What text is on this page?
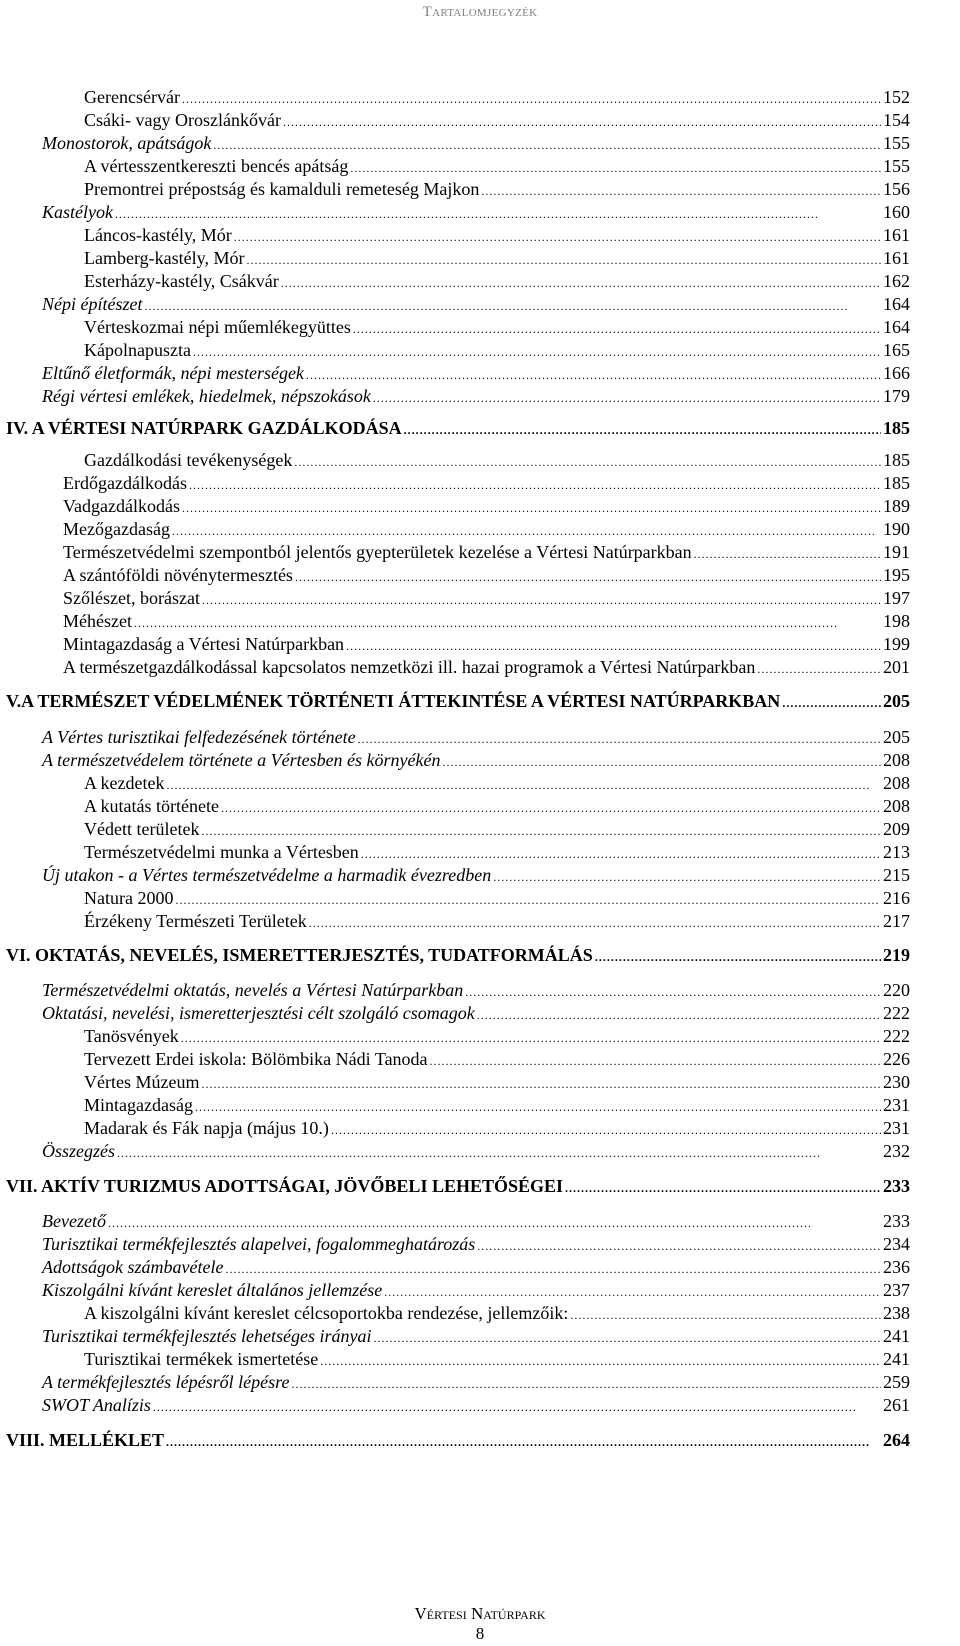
Tartalomjegyzék
Gerencsérvár . . .	152
Csáki- vagy Oroszlánkővár . . .	154
Monostorok, apátságok . . .	155
A vértesszentkereszti bencés apátság . . .	155
Premontrei prépostság és kamalduli remeteség Majkon . . .	156
Kastélyok . . .	160
Láncos-kastély, Mór . . .	161
Lamberg-kastély, Mór . . .	161
Esterházy-kastély, Csákvár . . .	162
Népi építészet . . .	164
Vérteskozmai népi műemlékegyüttes . . .	164
Kápolnapuszta . . .	165
Eltűnő életformák, népi mesterségek . . .	166
Régi vértesi emlékek, hiedelmek, népszokások . . .	179
IV. A VÉRTESI NATÚRPARK GAZDÁLKODÁSA . . .	185
Gazdálkodási tevékenységek . . .	185
Erdőgazdálkodás . . .	185
Vadgazdálkodás . . .	189
Mezőgazdaság . . .	190
Természetvédelmi szempontból jelentős gyepterületek kezelése a Vértesi Natúrparkban . . .	191
A szántóföldi növénytermesztés . . .	195
Szőlészet, borászat . . .	197
Méhészet . . .	198
Mintagazdaság a Vértesi Natúrparkban . . .	199
A természetgazdálkodással kapcsolatos nemzetközi ill. hazai programok a Vértesi Natúrparkban . . .	201
V.A TERMÉSZET VÉDELMÉNEK TÖRTÉNETI ÁTTEKINTÉSE A VÉRTESI NATÚRPARKBAN . . .	205
A Vértes turisztikai felfedezésének története . . .	205
A természetvédelem története a Vértesben és környékén . . .	208
A kezdetek . . .	208
A kutatás története . . .	208
Védett területek . . .	209
Természetvédelmi munka a Vértesben . . .	213
Új utakon - a Vértes természetvédelme a harmadik évezredben . . .	215
Natura 2000 . . .	216
Érzékeny Természeti Területek . . .	217
VI. OKTATÁS, NEVELÉS, ISMERETTERJESZTÉS, TUDATFORMÁLÁS . . .	219
Természetvédelmi oktatás, nevelés a Vértesi Natúrparkban . . .	220
Oktatási, nevelési, ismeretterjesztési célt szolgáló csomagok . . .	222
Tanösvények . . .	222
Tervezett Erdei iskola: Bölömbika Nádi Tanoda . . .	226
Vértes Múzeum . . .	230
Mintagazdaság . . .	231
Madarak és Fák napja (május 10.) . . .	231
Összegzés . . .	232
VII. AKTÍV TURIZMUS ADOTTSÁGAI, JÖVŐBELI LEHETŐSÉGEI . . .	233
Bevezető . . .	233
Turisztikai termékfejlesztés alapelvei, fogalommeghatározás . . .	234
Adottságok számbavétele . . .	236
Kiszolgálni kívánt kereslet általános jellemzése . . .	237
A kiszolgálni kívánt kereslet célcsoportokba rendezése, jellemzőik: . . .	238
Turisztikai termékfejlesztés lehetséges irányai . . .	241
Turisztikai termékek ismertetése . . .	241
A termékfejlesztés lépésről lépésre . . .	259
SWOT Analízis . . .	261
VIII. MELLÉKLET . . .	264
Vértesi Natúrpark
8
